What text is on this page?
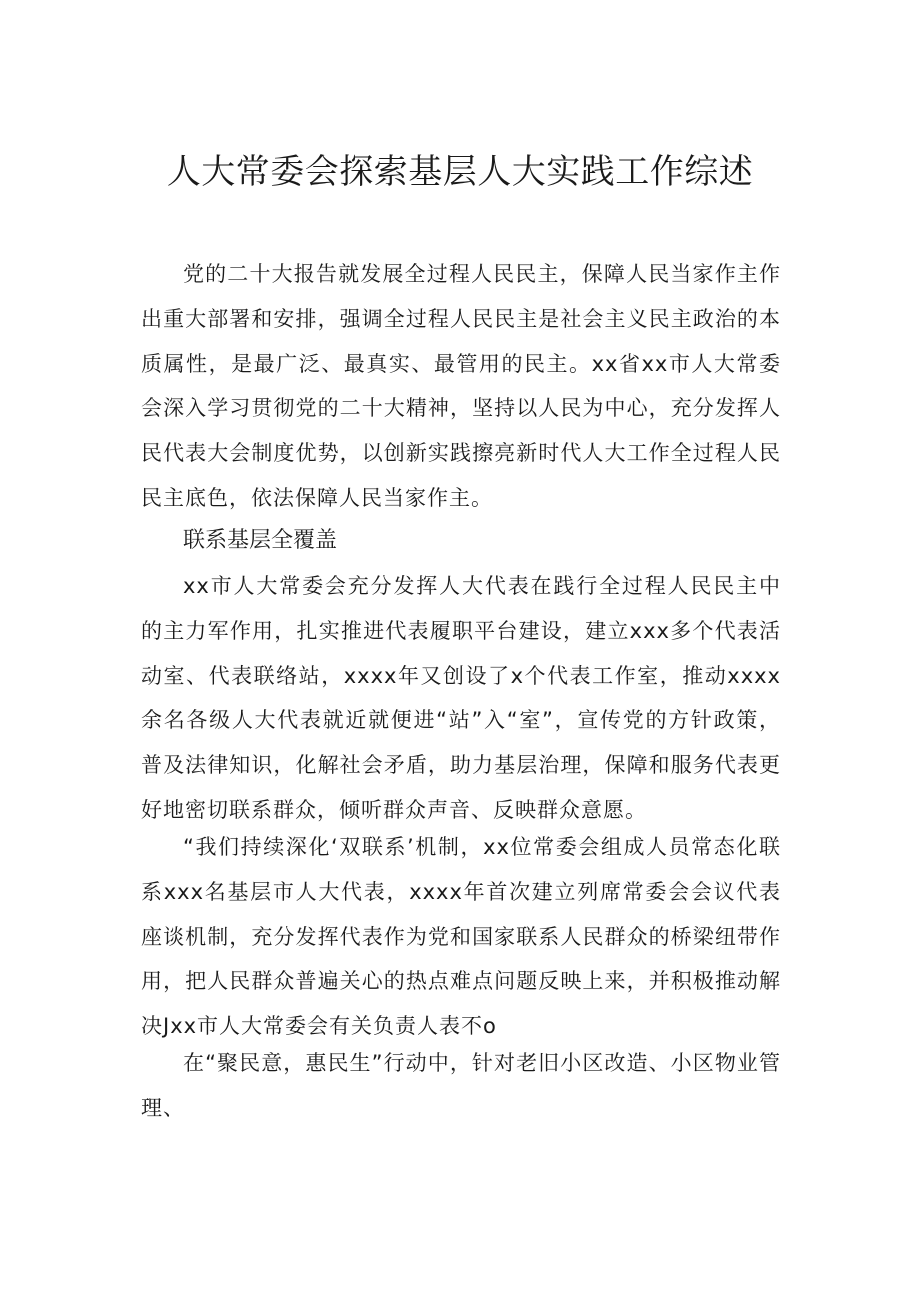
人大常委会探索基层人大实践工作综述

党的二十大报告就发展全过程人民民主，保障人民当家作主作出重大部署和安排，强调全过程人民民主是社会主义民主政治的本质属性，是最广泛、最真实、最管用的民主。xx省xx市人大常委会深入学习贯彻党的二十大精神，坚持以人民为中心，充分发挥人民代表大会制度优势，以创新实践擦亮新时代人大工作全过程人民民主底色，依法保障人民当家作主。

联系基层全覆盖

xx市人大常委会充分发挥人大代表在践行全过程人民民主中的主力军作用，扎实推进代表履职平台建设，建立xxx多个代表活动室、代表联络站，xxxx年又创设了x个代表工作室，推动xxxx余名各级人大代表就近就便进“站”入“室”，宣传党的方针政策，普及法律知识，化解社会矛盾，助力基层治理，保障和服务代表更好地密切联系群众，倾听群众声音、反映群众意愿。

“我们持续深化‘双联系’机制，xx位常委会组成人员常态化联系xxx名基层市人大代表，xxxx年首次建立列席常委会会议代表座谈机制，充分发挥代表作为党和国家联系人民群众的桥梁纽带作用，把人民群众普遍关心的热点难点问题反映上来，并积极推动解决Jxx市人大常委会有关负责人表不o

在“聚民意，惠民生”行动中，针对老旧小区改造、小区物业管理、
